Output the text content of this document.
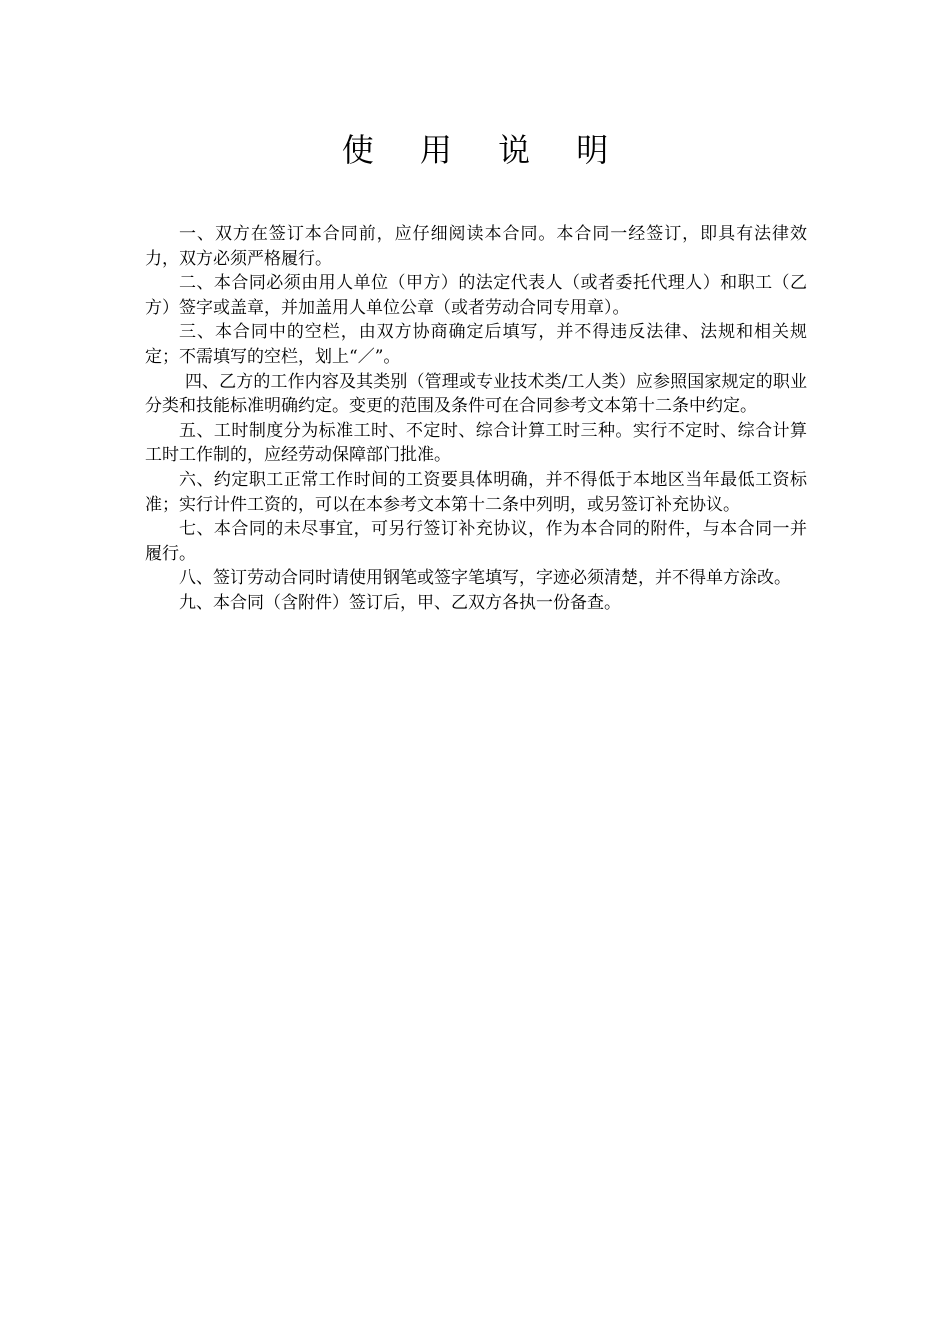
使 用 说 明

一、双方在签订本合同前，应仔细阅读本合同。本合同一经签订，即具有法律效力，双方必须严格履行。

二、本合同必须由用人单位（甲方）的法定代表人（或者委托代理人）和职工（乙方）签字或盖章，并加盖用人单位公章（或者劳动合同专用章）。

三、本合同中的空栏，由双方协商确定后填写，并不得违反法律、法规和相关规定；不需填写的空栏，划上“／”。

四、乙方的工作内容及其类别（管理或专业技术类/工人类）应参照国家规定的职业分类和技能标准明确约定。变更的范围及条件可在合同参考文本第十二条中约定。

五、工时制度分为标准工时、不定时、综合计算工时三种。实行不定时、综合计算工时工作制的，应经劳动保障部门批准。

六、约定职工正常工作时间的工资要具体明确，并不得低于本地区当年最低工资标准；实行计件工资的，可以在本参考文本第十二条中列明，或另签订补充协议。

七、本合同的未尽事宜，可另行签订补充协议，作为本合同的附件，与本合同一并履行。

八、签订劳动合同时请使用钢笔或签字笔填写，字迹必须清楚，并不得单方涂改。

九、本合同（含附件）签订后，甲、乙双方各执一份备查。
